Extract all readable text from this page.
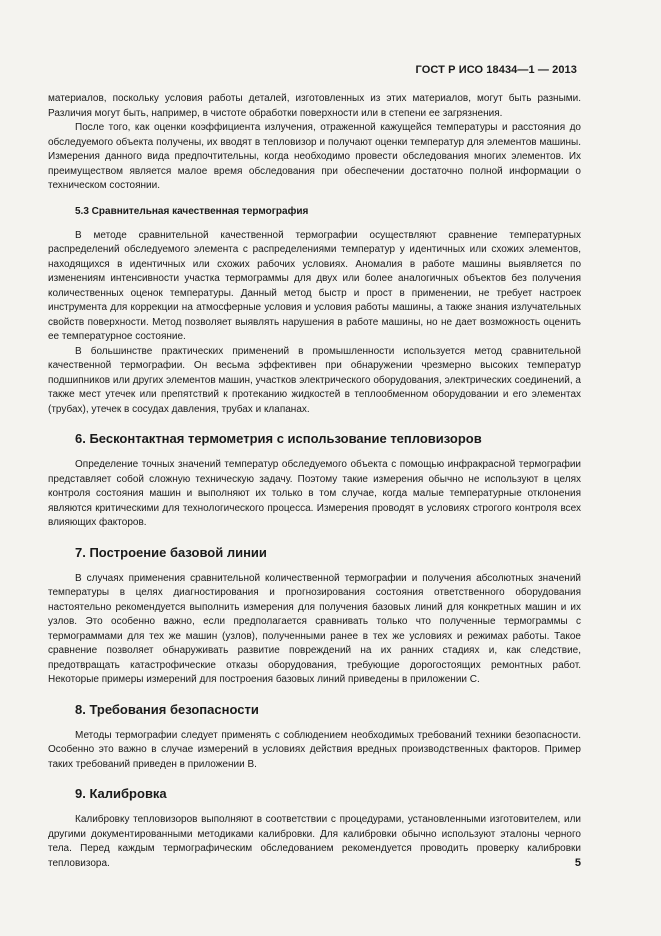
ГОСТ Р ИСО 18434—1 — 2013

материалов, поскольку условия работы деталей, изготовленных из этих материалов, могут быть разными. Различия могут быть, например, в чистоте обработки поверхности или в степени ее загрязнения.

После того, как оценки коэффициента излучения, отраженной кажущейся температуры и расстояния до обследуемого объекта получены, их вводят в тепловизор и получают оценки температур для элементов машины. Измерения данного вида предпочтительны, когда необходимо провести обследования многих элементов. Их преимуществом является малое время обследования при обеспечении достаточно полной информации о техническом состоянии.

5.3 Сравнительная качественная термография

В методе сравнительной качественной термографии осуществляют сравнение температурных распределений обследуемого элемента с распределениями температур у идентичных или схожих элементов, находящихся в идентичных или схожих рабочих условиях. Аномалия в работе машины выявляется по изменениям интенсивности участка термограммы для двух или более аналогичных объектов без получения количественных оценок температуры. Данный метод быстр и прост в применении, не требует настроек инструмента для коррекции на атмосферные условия и условия работы машины, а также знания излучательных свойств поверхности. Метод позволяет выявлять нарушения в работе машины, но не дает возможность оценить ее температурное состояние.

В большинстве практических применений в промышленности используется метод сравнительной качественной термографии. Он весьма эффективен при обнаружении чрезмерно высоких температур подшипников или других элементов машин, участков электрического оборудования, электрических соединений, а также мест утечек или препятствий к протеканию жидкостей в теплообменном оборудовании и его элементах (трубах), утечек в сосудах давления, трубах и клапанах.

6. Бесконтактная термометрия с использование тепловизоров

Определение точных значений температур обследуемого объекта с помощью инфракрасной термографии представляет собой сложную техническую задачу. Поэтому такие измерения обычно не используют в целях контроля состояния машин и выполняют их только в том случае, когда малые температурные отклонения являются критическими для технологического процесса. Измерения проводят в условиях строгого контроля всех влияющих факторов.

7. Построение базовой линии

В случаях применения сравнительной количественной термографии и получения абсолютных значений температуры в целях диагностирования и прогнозирования состояния ответственного оборудования настоятельно рекомендуется выполнить измерения для получения базовых линий для конкретных машин и их узлов. Это особенно важно, если предполагается сравнивать только что полученные термограммы с термограммами для тех же машин (узлов), полученными ранее в тех же условиях и режимах работы. Такое сравнение позволяет обнаруживать развитие повреждений на их ранних стадиях и, как следствие, предотвращать катастрофические отказы оборудования, требующие дорогостоящих ремонтных работ. Некоторые примеры измерений для построения базовых линий приведены в приложении С.

8. Требования безопасности

Методы термографии следует применять с соблюдением необходимых требований техники безопасности. Особенно это важно в случае измерений в условиях действия вредных производственных факторов. Пример таких требований приведен в приложении В.

9. Калибровка

Калибровку тепловизоров выполняют в соответствии с процедурами, установленными изготовителем, или другими документированными методиками калибровки. Для калибровки обычно используют эталоны черного тела. Перед каждым термографическим обследованием рекомендуется проводить проверку калибровки тепловизора.	5
